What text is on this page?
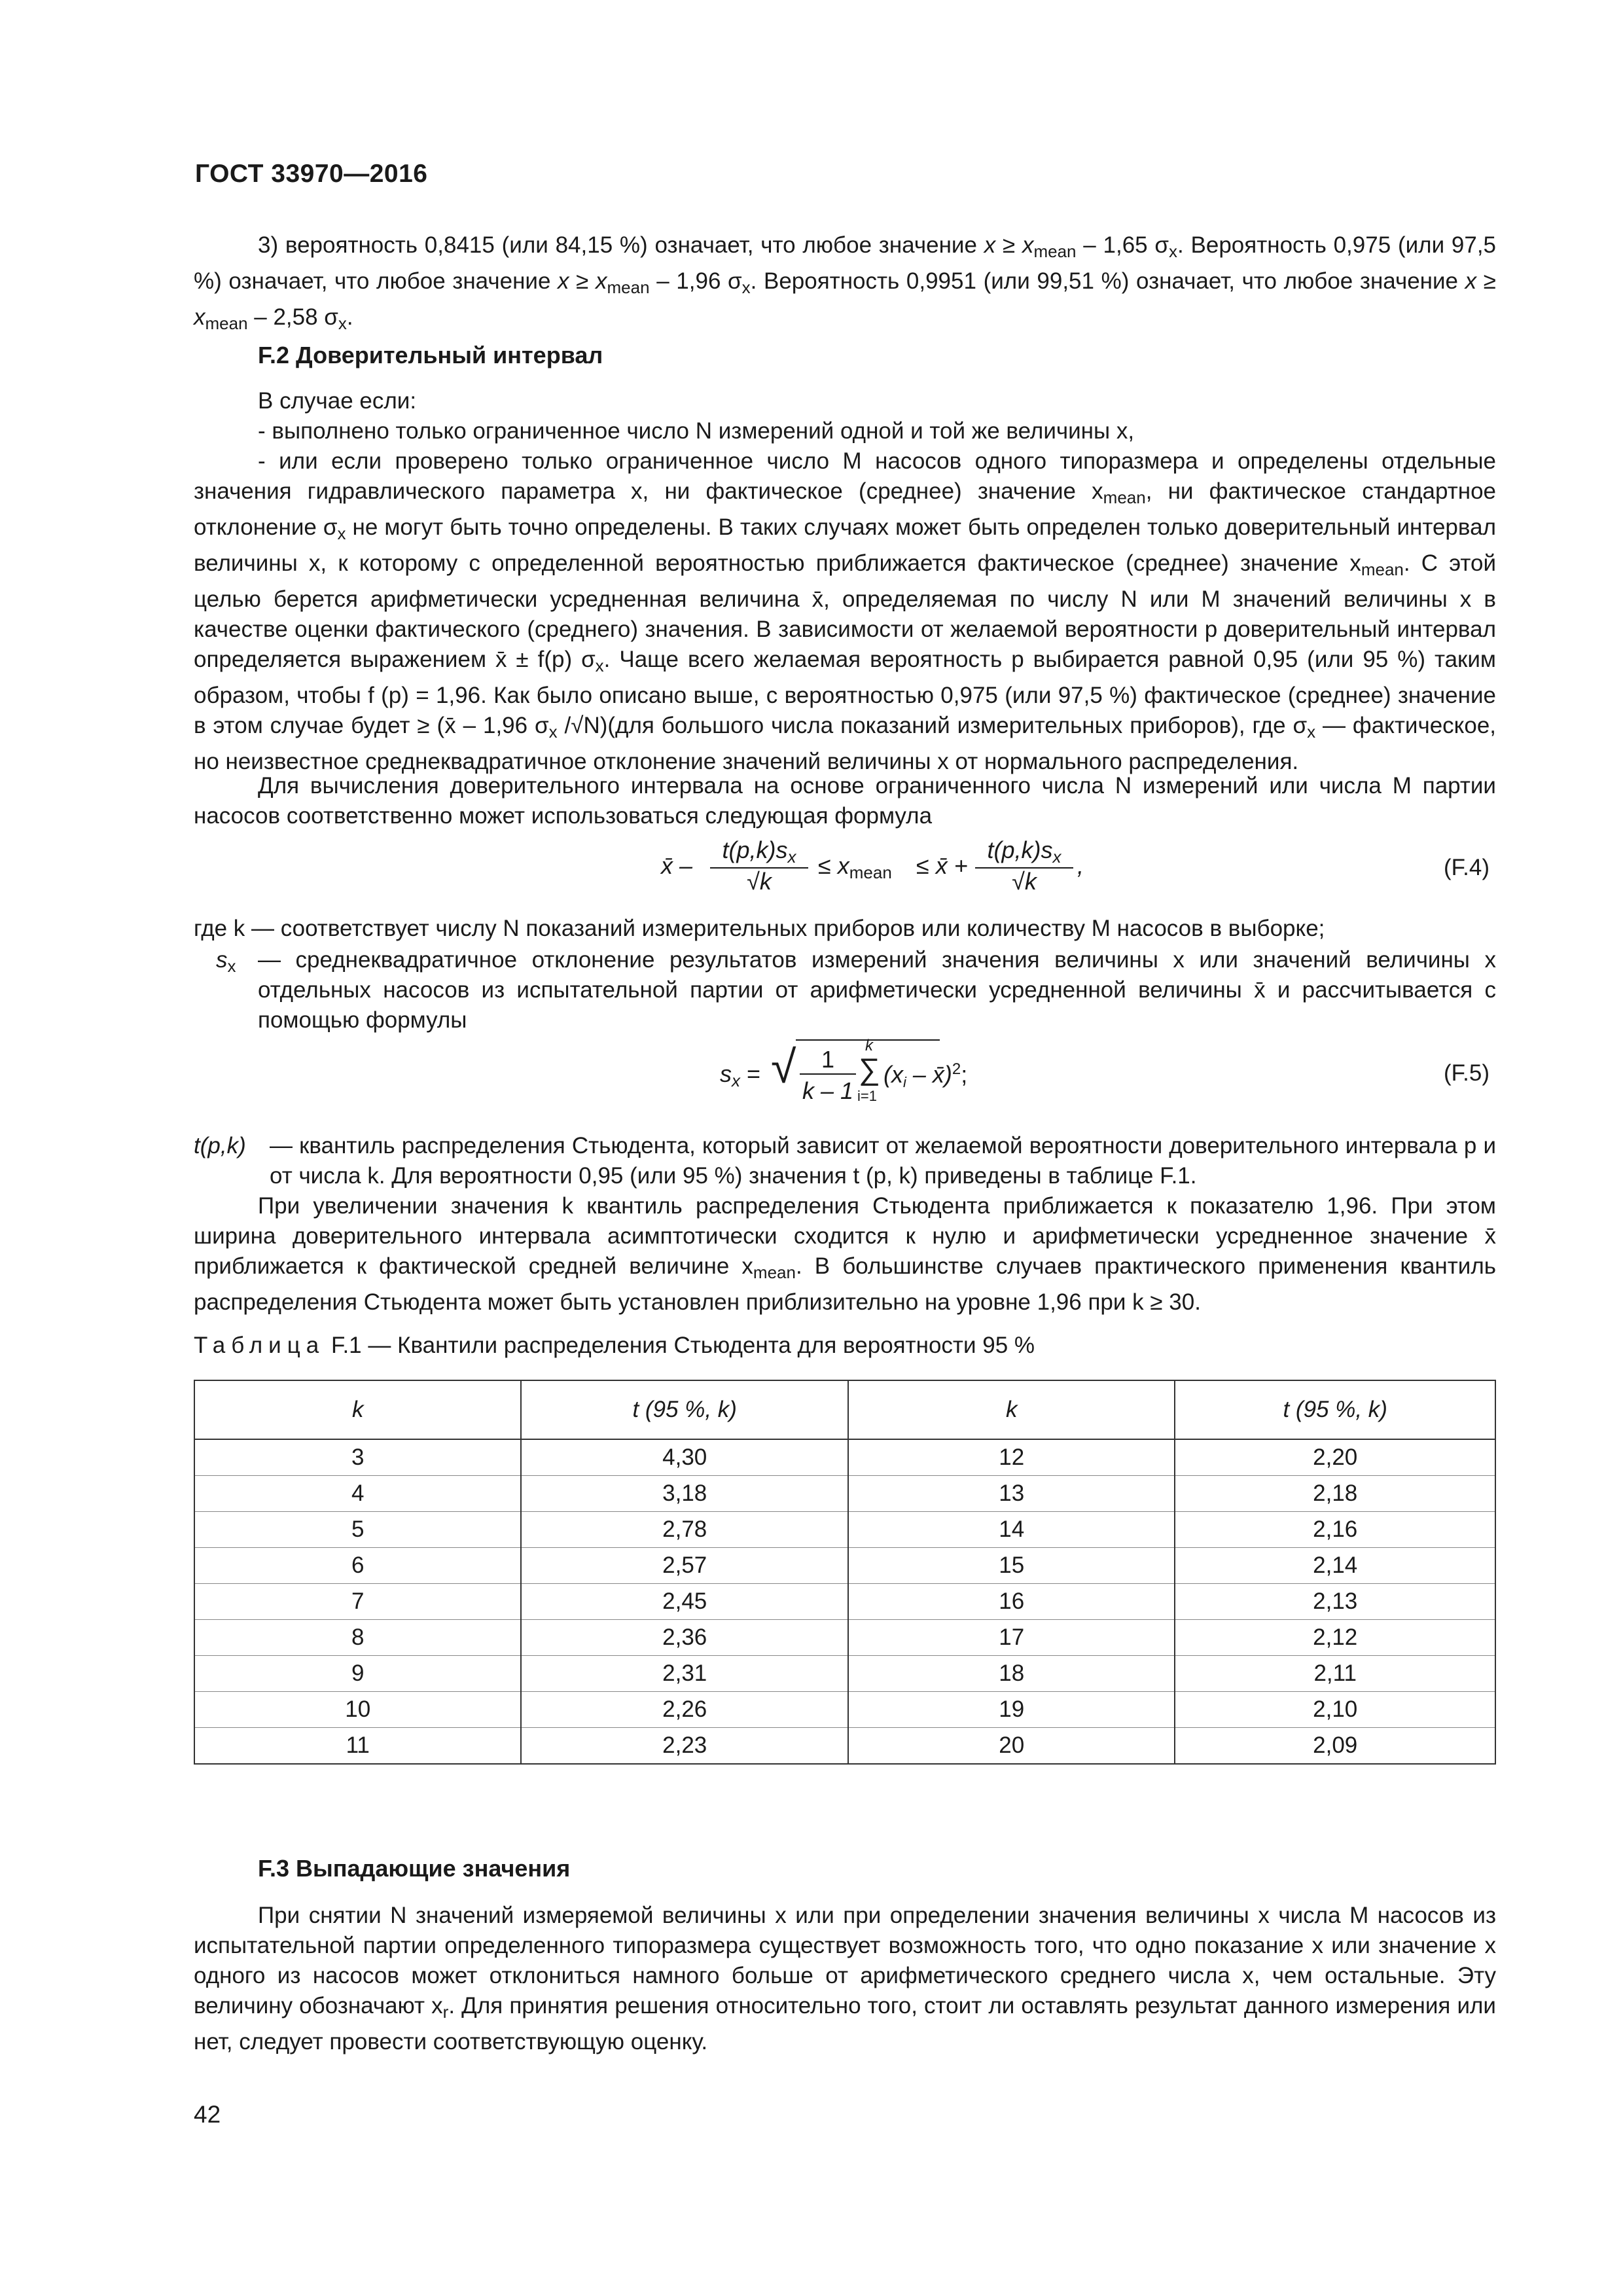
ГОСТ 33970—2016
3) вероятность 0,8415 (или 84,15 %) означает, что любое значение $x \ge x_{mean} - 1,65$ $\sigma_x$. Вероятность 0,975 (или 97,5 %) означает, что любое значение $x \ge x_{mean} - 1,96$ $\sigma_x$. Вероятность 0,9951 (или 99,51 %) означает, что любое значение $x \ge x_{mean} - 2,58$ $\sigma_x$.
F.2 Доверительный интервал
В случае если:
- выполнено только ограниченное число N измерений одной и той же величины x,
- или если проверено только ограниченное число М насосов одного типоразмера и определены отдельные значения гидравлического параметра x, ни фактическое (среднее) значение $x_{mean}$, ни фактическое стандартное отклонение $\sigma_x$ не могут быть точно определены. В таких случаях может быть определен только доверительный интервал величины x, к которому с определенной вероятностью приближается фактическое (среднее) значение $x_{mean}$. С этой целью берется арифметически усредненная величина x̄, определяемая по числу N или М значений величины x в качестве оценки фактического (среднего) значения. В зависимости от желаемой вероятности p доверительный интервал определяется выражением x̄ ± f(p) $\sigma_x$. Чаще всего желаемая вероятность p выбирается равной 0,95 (или 95 %) таким образом, чтобы f (p) = 1,96. Как было описано выше, с вероятностью 0,975 (или 97,5 %) фактическое (среднее) значение в этом случае будет ≥ (x̄ – 1,96 $\sigma_x$ /√N)(для большого числа показаний измерительных приборов), где $\sigma_x$ — фактическое, но неизвестное среднеквадратичное отклонение значений величины x от нормального распределения.
Для вычисления доверительного интервала на основе ограниченного числа N измерений или числа М партии насосов соответственно может использоваться следующая формула
x̄ –
$t(p,k)s_x$
√k
≤ $x_{mean}$ ≤ x̄ +
$t(p,k)s_x$
√k
,	(F.4)
где k — соответствует числу N показаний измерительных приборов или количеству М насосов в выборке;
$s_x$ — среднеквадратичное отклонение результатов измерений значения величины x или значений величины x отдельных насосов из испытательной партии от арифметически усредненной величины x̄ и рассчитывается с помощью формулы
$s_x$ = √	1
k – 1
k
∑
i=1
($x_i$ – x̄)$^2$;	(F.5)
t(p,k) — квантиль распределения Стьюдента, который зависит от желаемой вероятности доверительного интервала p и от числа k. Для вероятности 0,95 (или 95 %) значения t (p, k) приведены в таблице F.1.
При увеличении значения k квантиль распределения Стьюдента приближается к показателю 1,96. При этом ширина доверительного интервала асимптотически сходится к нулю и арифметически усредненное значение x̄ приближается к фактической средней величине $x_{mean}$. В большинстве случаев практического применения квантиль распределения Стьюдента может быть установлен приблизительно на уровне 1,96 при k ≥ 30.
Таблица F.1 — Квантили распределения Стьюдента для вероятности 95 %
k	t (95 %, k)	k	t (95 %, k)
3	4,30	12	2,20
4	3,18	13	2,18
5	2,78	14	2,16
6	2,57	15	2,14
7	2,45	16	2,13
8	2,36	17	2,12
9	2,31	18	2,11
10	2,26	19	2,10
11	2,23	20	2,09
F.3 Выпадающие значения
При снятии N значений измеряемой величины x или при определении значения величины x числа M насосов из испытательной партии определенного типоразмера существует возможность того, что одно показание x или значение x одного из насосов может отклониться намного больше от арифметического среднего числа x, чем остальные. Эту величину обозначают $x_r$. Для принятия решения относительно того, стоит ли оставлять результат данного измерения или нет, следует провести соответствующую оценку.
42
